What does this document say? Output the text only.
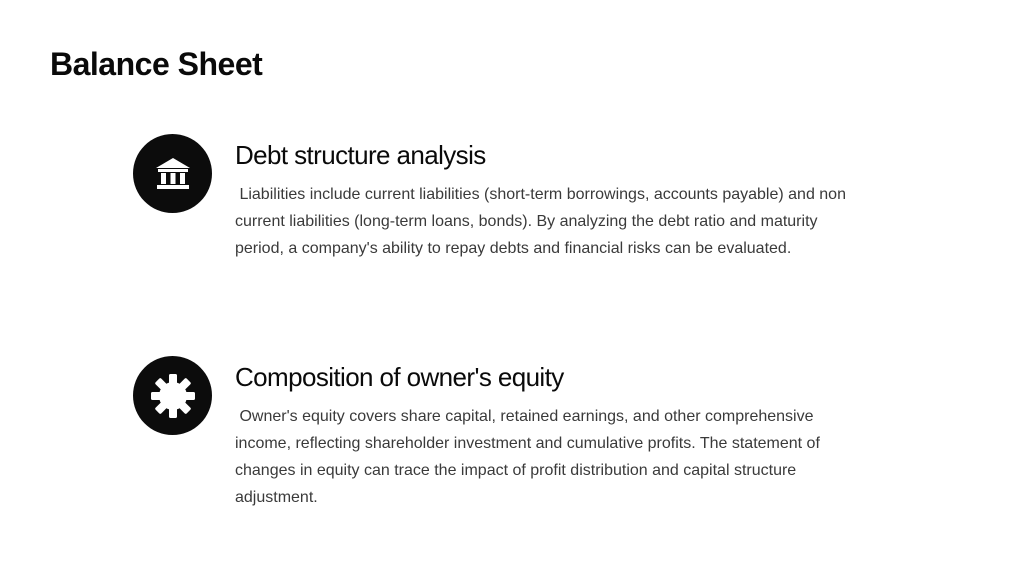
Balance Sheet
Debt structure analysis

Liabilities include current liabilities (short-term borrowings, accounts payable) and non current liabilities (long-term loans, bonds). By analyzing the debt ratio and maturity period, a company's ability to repay debts and financial risks can be evaluated.

Composition of owner's equity

Owner's equity covers share capital, retained earnings, and other comprehensive income, reflecting shareholder investment and cumulative profits. The statement of changes in equity can trace the impact of profit distribution and capital structure adjustment.
